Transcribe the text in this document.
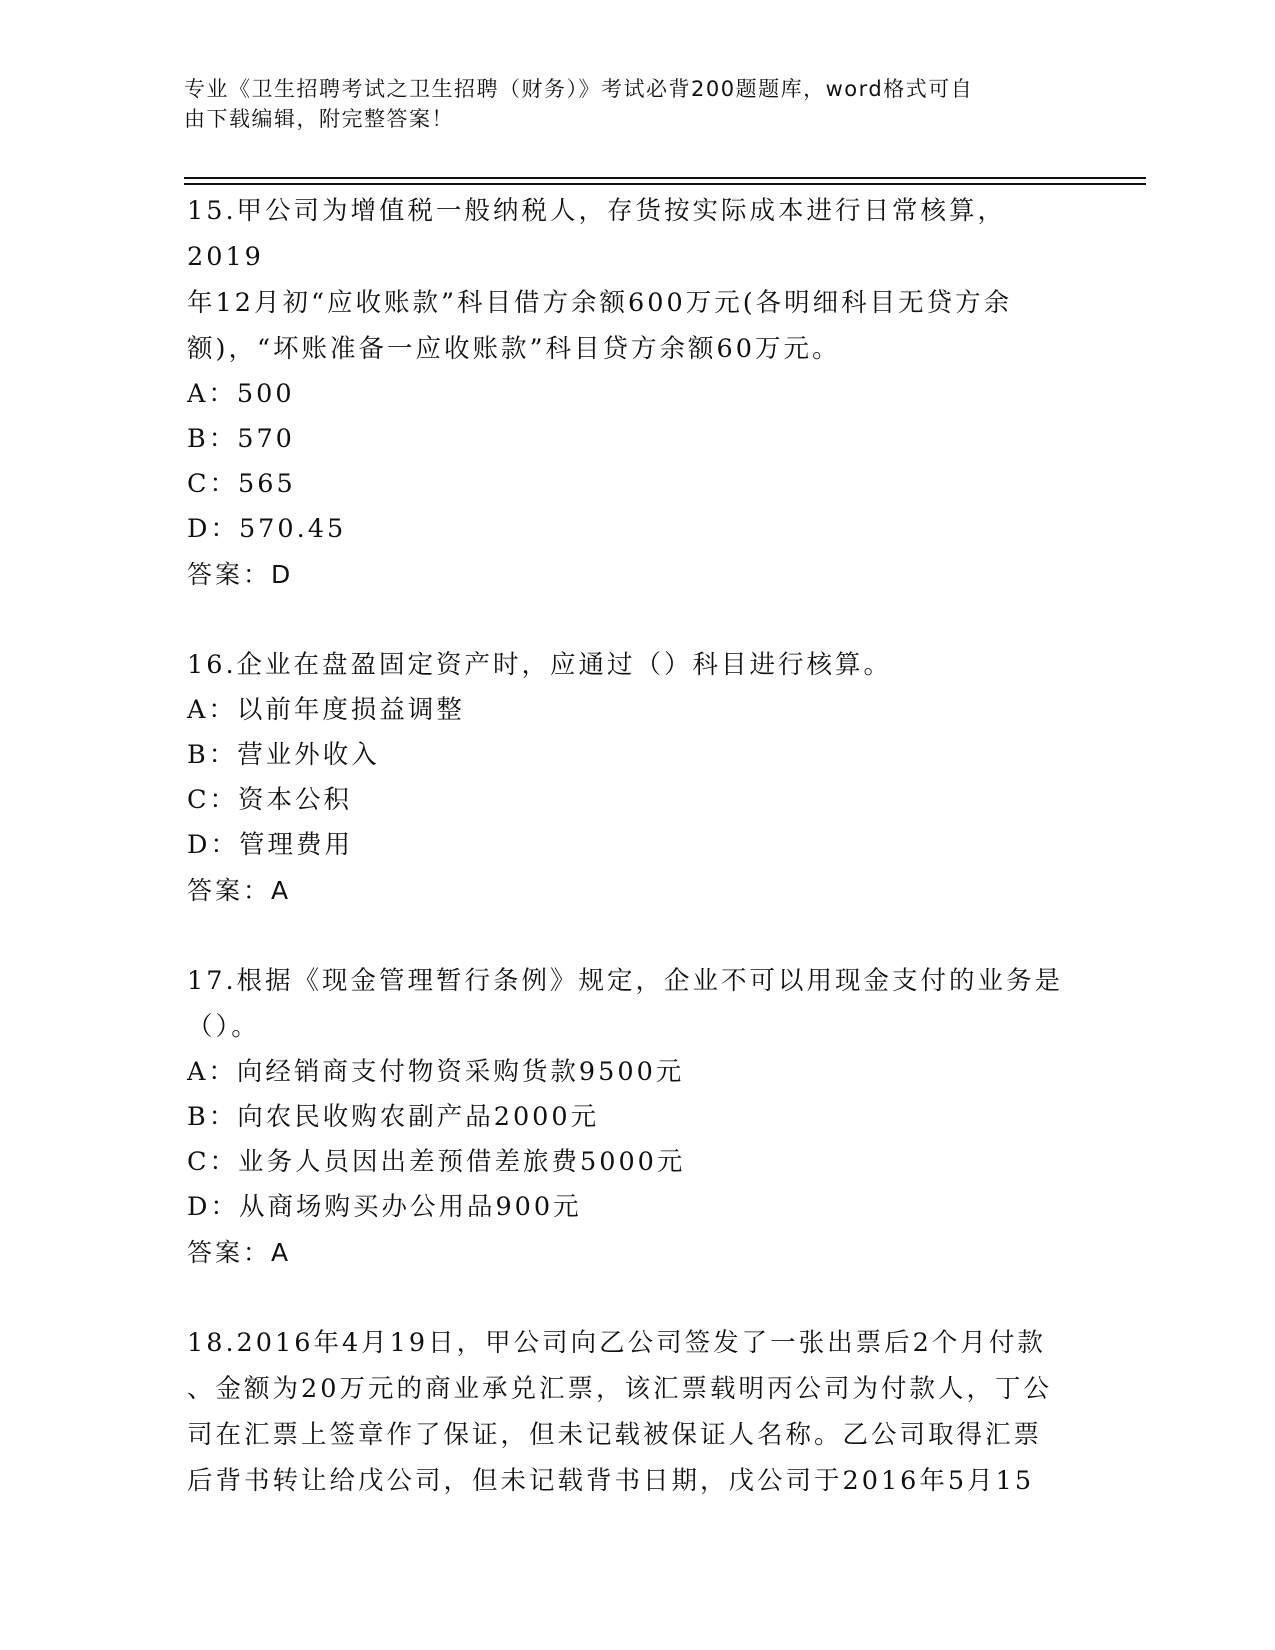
专业《卫生招聘考试之卫生招聘（财务）》考试必背200题题库，word格式可自
由下载编辑，附完整答案！
15.甲公司为增值税一般纳税人，存货按实际成本进行日常核算，2019
年12月初“应收账款”科目借方余额600万元(各明细科目无贷方余
额)，“坏账准备一应收账款”科目贷方余额60万元。
A：500
B：570
C：565
D：570.45
答案：D
16.企业在盘盈固定资产时，应通过（）科目进行核算。
A：以前年度损益调整
B：营业外收入
C：资本公积
D：管理费用
答案：A
17.根据《现金管理暂行条例》规定，企业不可以用现金支付的业务是
（）。
A：向经销商支付物资采购货款9500元
B：向农民收购农副产品2000元
C：业务人员因出差预借差旅费5000元
D：从商场购买办公用品900元
答案：A
18.2016年4月19日，甲公司向乙公司签发了一张出票后2个月付款
、金额为20万元的商业承兑汇票，该汇票载明丙公司为付款人，丁公
司在汇票上签章作了保证，但未记载被保证人名称。乙公司取得汇票
后背书转让给戊公司，但未记载背书日期，戊公司于2016年5月15
